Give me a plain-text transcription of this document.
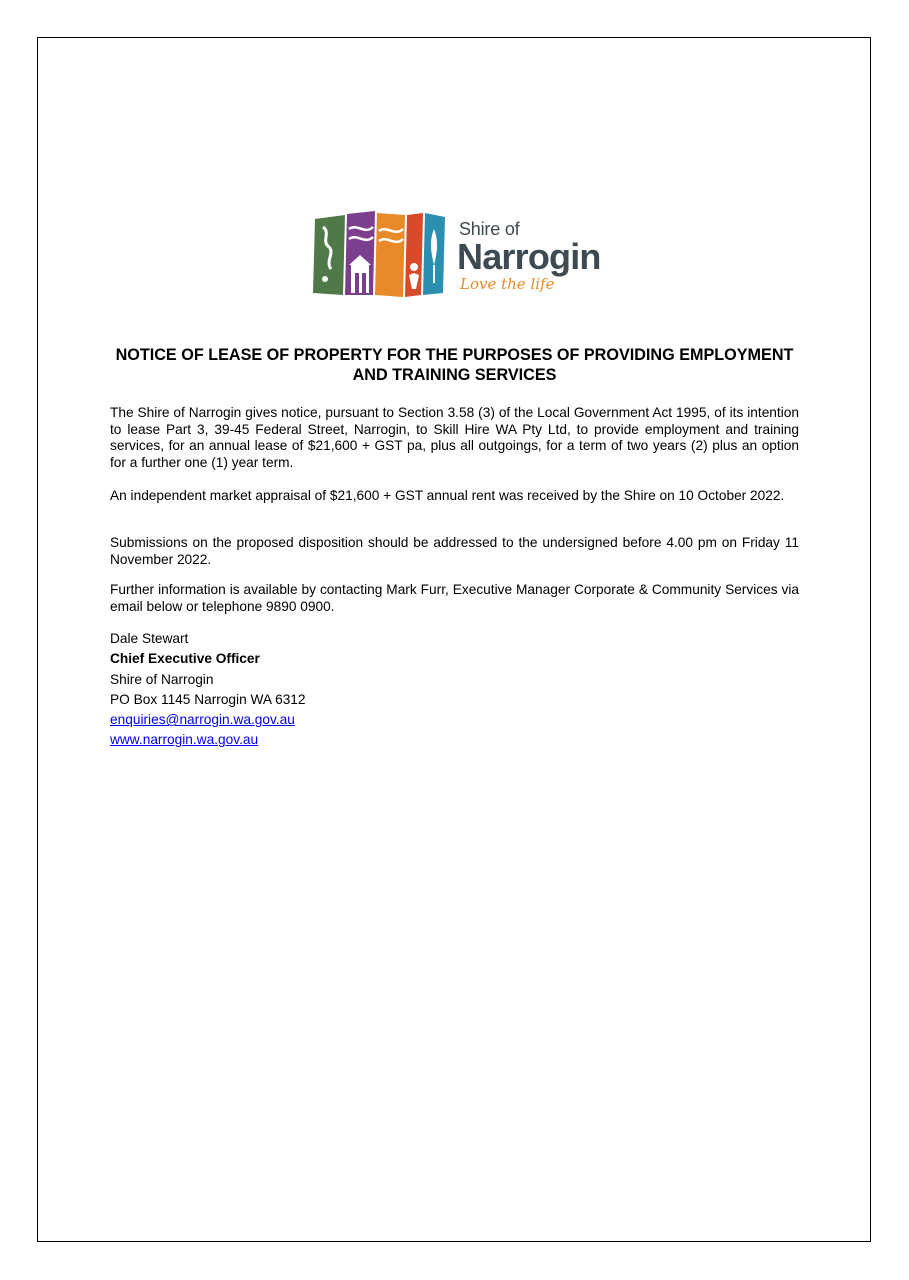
Shire of
Narrogin
Love the life
NOTICE OF LEASE OF PROPERTY FOR THE PURPOSES OF PROVIDING EMPLOYMENT AND TRAINING SERVICES

The Shire of Narrogin gives notice, pursuant to Section 3.58 (3) of the Local Government Act 1995, of its intention to lease Part 3, 39-45 Federal Street, Narrogin, to Skill Hire WA Pty Ltd, to provide employment and training services, for an annual lease of $21,600 + GST pa, plus all outgoings, for a term of two years (2) plus an option for a further one (1) year term.

An independent market appraisal of $21,600 + GST annual rent was received by the Shire on 10 October 2022.

Submissions on the proposed disposition should be addressed to the undersigned before 4.00 pm on Friday 11 November 2022.

Further information is available by contacting Mark Furr, Executive Manager Corporate & Community Services via email below or telephone 9890 0900.

Dale Stewart
Chief Executive Officer
Shire of Narrogin
PO Box 1145 Narrogin WA 6312
enquiries@narrogin.wa.gov.au
www.narrogin.wa.gov.au
